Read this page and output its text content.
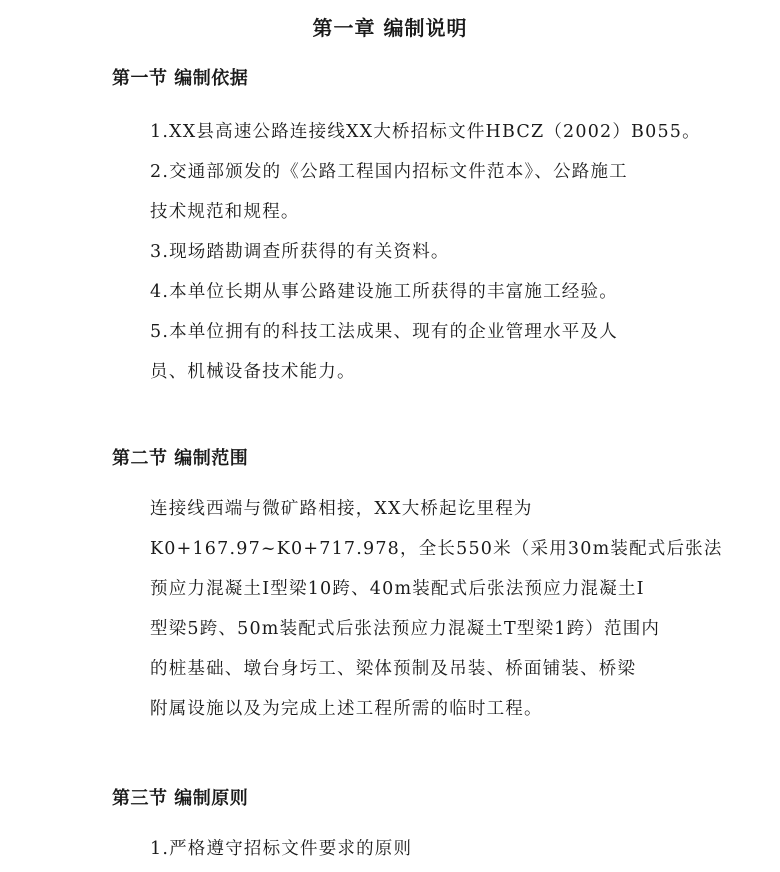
第一章 编制说明
第一节 编制依据

1.XX县高速公路连接线XX大桥招标文件HBCZ（2002）B055。

2.交通部颁发的《公路工程国内招标文件范本》、公路施工
技术规范和规程。

3.现场踏勘调查所获得的有关资料。

4.本单位长期从事公路建设施工所获得的丰富施工经验。

5.本单位拥有的科技工法成果、现有的企业管理水平及人
员、机械设备技术能力。

第二节 编制范围

连接线西端与微矿路相接，XX大桥起讫里程为
K0+167.97~K0+717.978，全长550米（采用30m装配式后张法
预应力混凝土I型梁10跨、40m装配式后张法预应力混凝土I
型梁5跨、50m装配式后张法预应力混凝土T型梁1跨）范围内
的桩基础、墩台身圬工、梁体预制及吊装、桥面铺装、桥梁
附属设施以及为完成上述工程所需的临时工程。

第三节 编制原则

1.严格遵守招标文件要求的原则
